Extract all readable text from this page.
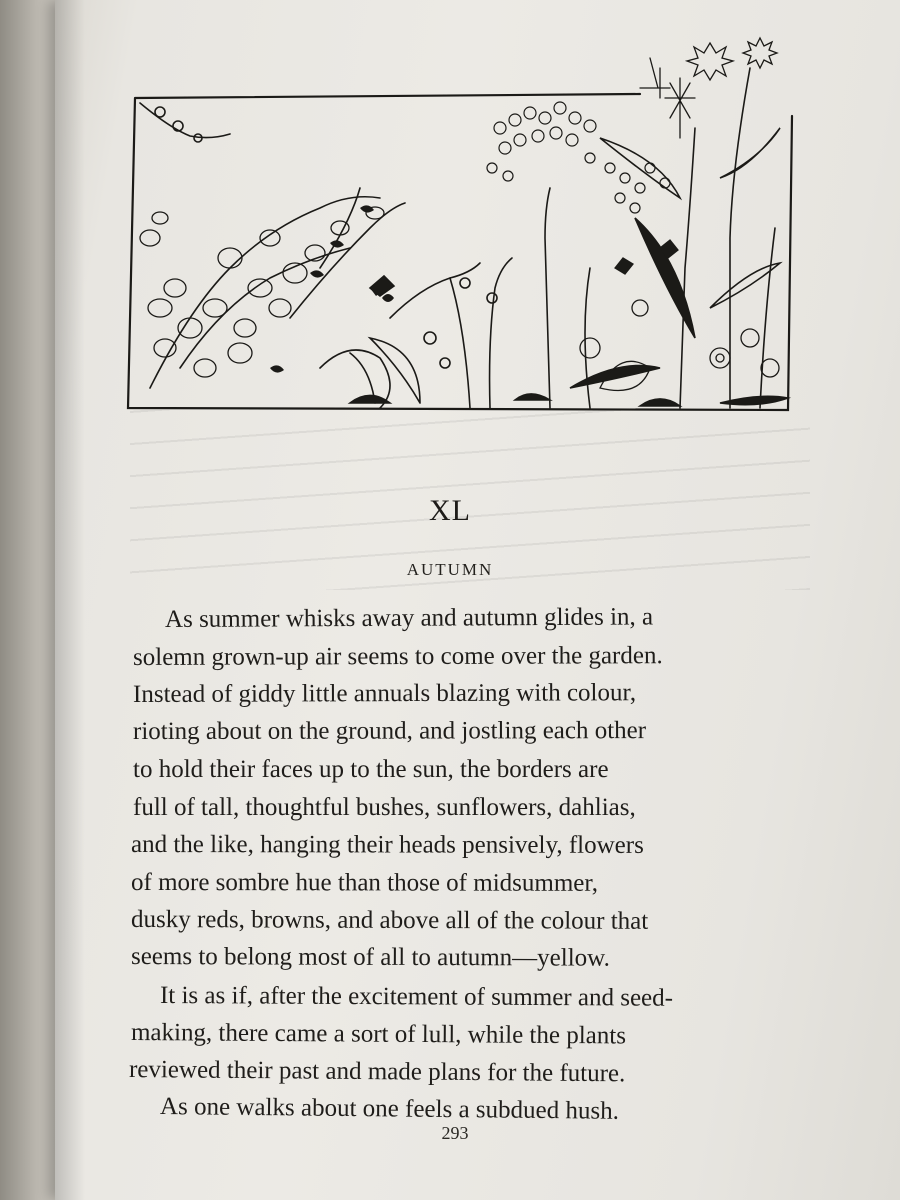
XL
AUTUMN
As summer whisks away and autumn glides in, a
solemn grown-up air seems to come over the garden.
Instead of giddy little annuals blazing with colour,
rioting about on the ground, and jostling each other
to hold their faces up to the sun, the borders are
full of tall, thoughtful bushes, sunflowers, dahlias,
and the like, hanging their heads pensively, flowers
of more sombre hue than those of midsummer,
dusky reds, browns, and above all of the colour that
seems to belong most of all to autumn—yellow.
It is as if, after the excitement of summer and seed-
making, there came a sort of lull, while the plants
reviewed their past and made plans for the future.
As one walks about one feels a subdued hush.
293
